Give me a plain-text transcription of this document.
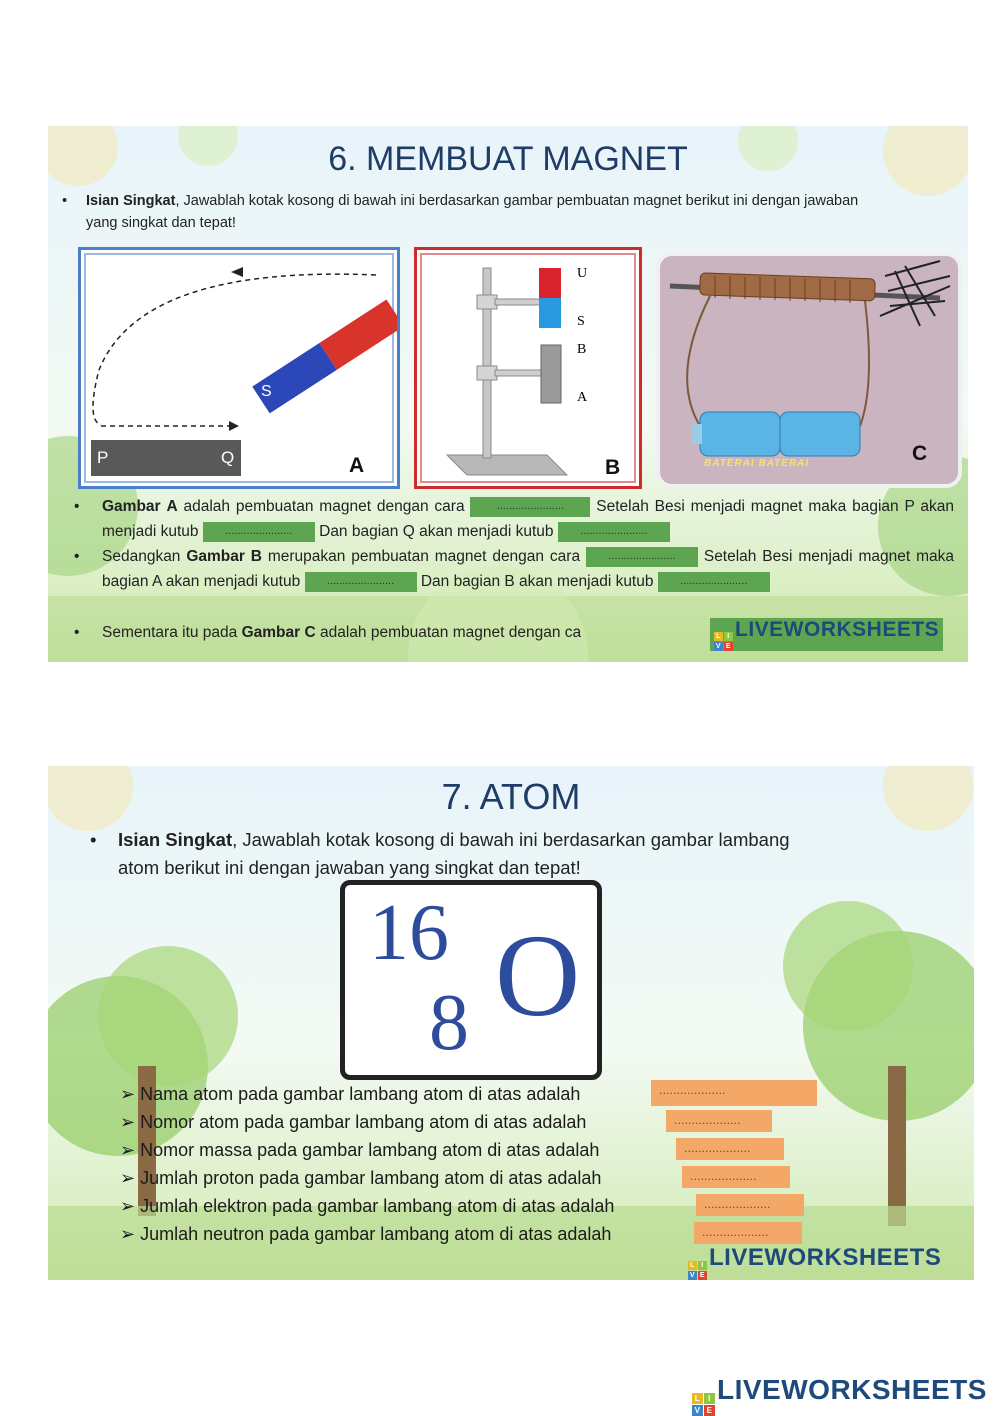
6. MEMBUAT MAGNET
• Isian Singkat, Jawablah kotak kosong di bawah ini berdasarkan gambar pembuatan magnet berikut ini dengan jawaban yang singkat dan tepat!
S
U
P	Q	A
U
S
B
A
B	BATERAI BATERAI	C
• Gambar A adalah pembuatan magnet dengan cara ...................... Setelah Besi menjadi magnet maka bagian P akan menjadi kutub ...................... Dan bagian Q akan menjadi kutub ......................
• Sedangkan Gambar B merupakan pembuatan magnet dengan cara ...................... Setelah Besi menjadi magnet maka bagian A akan menjadi kutub ...................... Dan bagian B akan menjadi kutub ......................
• Sementara itu pada Gambar C adalah pembuatan magnet dengan ca	L I
V E
LIVEWORKSHEETS
7. ATOM
• Isian Singkat, Jawablah kotak kosong di bawah ini berdasarkan gambar lambang
atom berikut ini dengan jawaban yang singkat dan tepat!
16
8 O
➢ Nama atom pada gambar lambang atom di atas adalah	...................
➢ Nomor atom pada gambar lambang atom di atas adalah	...................
➢ Nomor massa pada gambar lambang atom di atas adalah	...................
➢ Jumlah proton pada gambar lambang atom di atas adalah	...................
➢ Jumlah elektron pada gambar lambang atom di atas adalah	...................
➢ Jumlah neutron pada gambar lambang atom di atas adalah	...................
L I
V E
LIVEWORKSHEETS
L I
V E
LIVEWORKSHEETS
